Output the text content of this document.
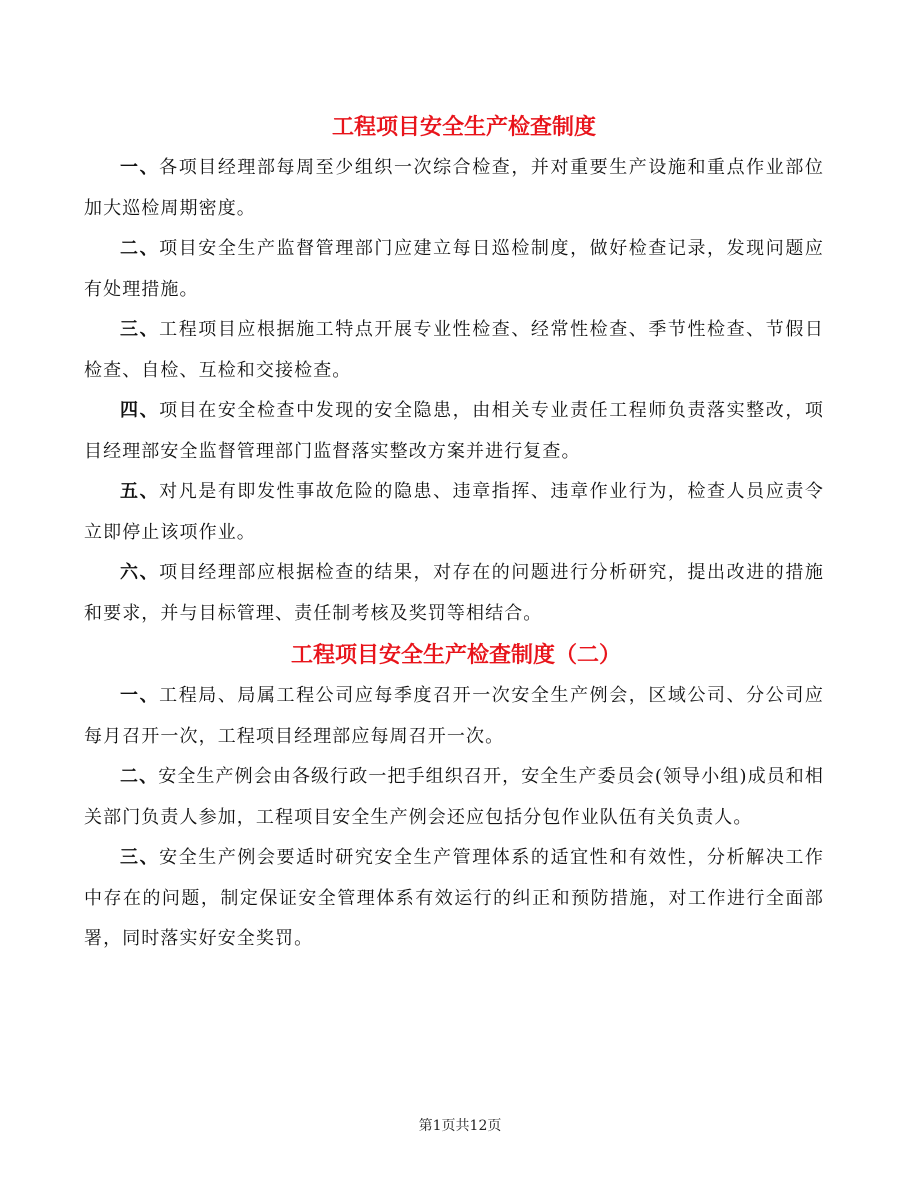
工程项目安全生产检查制度

一、各项目经理部每周至少组织一次综合检查，并对重要生产设施和重点作业部位加大巡检周期密度。

二、项目安全生产监督管理部门应建立每日巡检制度，做好检查记录，发现问题应有处理措施。

三、工程项目应根据施工特点开展专业性检查、经常性检查、季节性检查、节假日检查、自检、互检和交接检查。

四、项目在安全检查中发现的安全隐患，由相关专业责任工程师负责落实整改，项目经理部安全监督管理部门监督落实整改方案并进行复查。

五、对凡是有即发性事故危险的隐患、违章指挥、违章作业行为，检查人员应责令立即停止该项作业。

六、项目经理部应根据检查的结果，对存在的问题进行分析研究，提出改进的措施和要求，并与目标管理、责任制考核及奖罚等相结合。

工程项目安全生产检查制度（二）

一、工程局、局属工程公司应每季度召开一次安全生产例会，区域公司、分公司应每月召开一次，工程项目经理部应每周召开一次。

二、安全生产例会由各级行政一把手组织召开，安全生产委员会(领导小组)成员和相关部门负责人参加，工程项目安全生产例会还应包括分包作业队伍有关负责人。

三、安全生产例会要适时研究安全生产管理体系的适宜性和有效性，分析解决工作中存在的问题，制定保证安全管理体系有效运行的纠正和预防措施，对工作进行全面部署，同时落实好安全奖罚。

第1页共12页
